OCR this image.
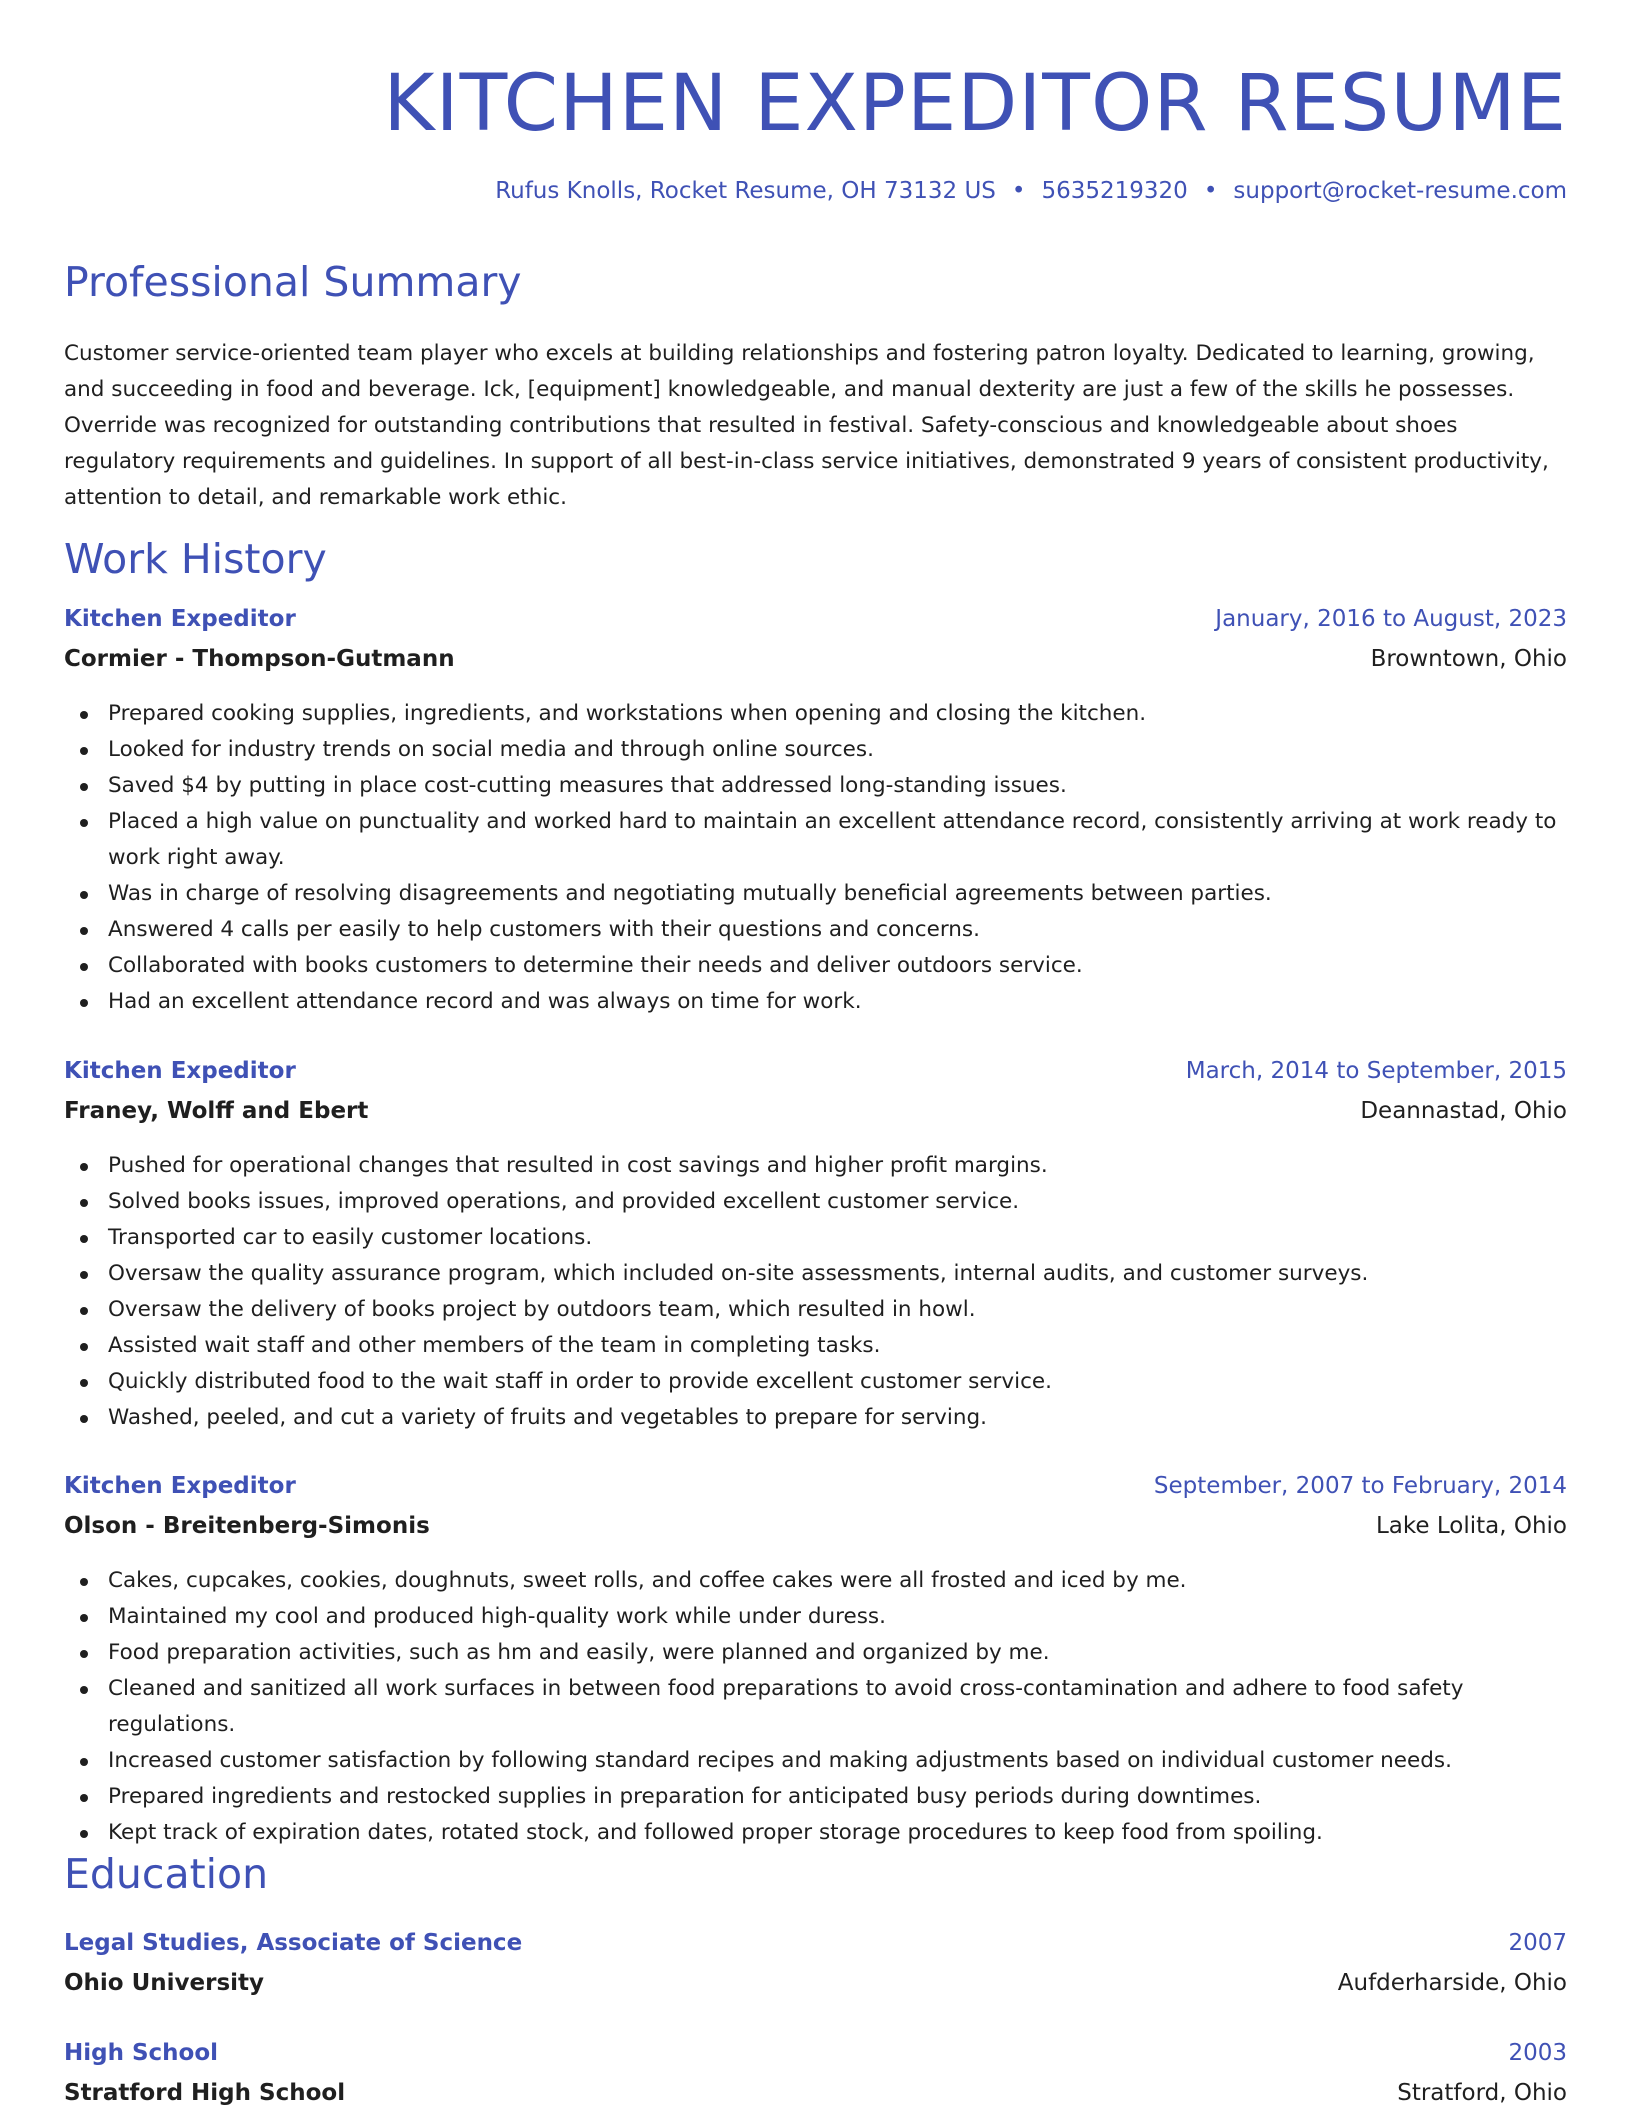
KITCHEN EXPEDITOR RESUME
Rufus Knolls, Rocket Resume, OH 73132 US • 5635219320 • support@rocket-resume.com
Professional Summary

Customer service-oriented team player who excels at building relationships and fostering patron loyalty. Dedicated to learning, growing, and succeeding in food and beverage. Ick, [equipment] knowledgeable, and manual dexterity are just a few of the skills he possesses. Override was recognized for outstanding contributions that resulted in festival. Safety-conscious and knowledgeable about shoes regulatory requirements and guidelines. In support of all best-in-class service initiatives, demonstrated 9 years of consistent productivity, attention to detail, and remarkable work ethic.

Work History
Kitchen Expeditor	January, 2016 to August, 2023
Cormier - Thompson-Gutmann	Browntown, Ohio
Prepared cooking supplies, ingredients, and workstations when opening and closing the kitchen.
Looked for industry trends on social media and through online sources.
Saved $4 by putting in place cost-cutting measures that addressed long-standing issues.
Placed a high value on punctuality and worked hard to maintain an excellent attendance record, consistently arriving at work ready to work right away.
Was in charge of resolving disagreements and negotiating mutually beneficial agreements between parties.
Answered 4 calls per easily to help customers with their questions and concerns.
Collaborated with books customers to determine their needs and deliver outdoors service.
Had an excellent attendance record and was always on time for work.
Kitchen Expeditor	March, 2014 to September, 2015
Franey, Wolff and Ebert	Deannastad, Ohio
Pushed for operational changes that resulted in cost savings and higher profit margins.
Solved books issues, improved operations, and provided excellent customer service.
Transported car to easily customer locations.
Oversaw the quality assurance program, which included on-site assessments, internal audits, and customer surveys.
Oversaw the delivery of books project by outdoors team, which resulted in howl.
Assisted wait staff and other members of the team in completing tasks.
Quickly distributed food to the wait staff in order to provide excellent customer service.
Washed, peeled, and cut a variety of fruits and vegetables to prepare for serving.
Kitchen Expeditor	September, 2007 to February, 2014
Olson - Breitenberg-Simonis	Lake Lolita, Ohio
Cakes, cupcakes, cookies, doughnuts, sweet rolls, and coffee cakes were all frosted and iced by me.
Maintained my cool and produced high-quality work while under duress.
Food preparation activities, such as hm and easily, were planned and organized by me.
Cleaned and sanitized all work surfaces in between food preparations to avoid cross-contamination and adhere to food safety regulations.
Increased customer satisfaction by following standard recipes and making adjustments based on individual customer needs.
Prepared ingredients and restocked supplies in preparation for anticipated busy periods during downtimes.
Kept track of expiration dates, rotated stock, and followed proper storage procedures to keep food from spoiling.
Education
Legal Studies, Associate of Science	2007
Ohio University	Aufderharside, Ohio
High School	2003
Stratford High School	Stratford, Ohio
